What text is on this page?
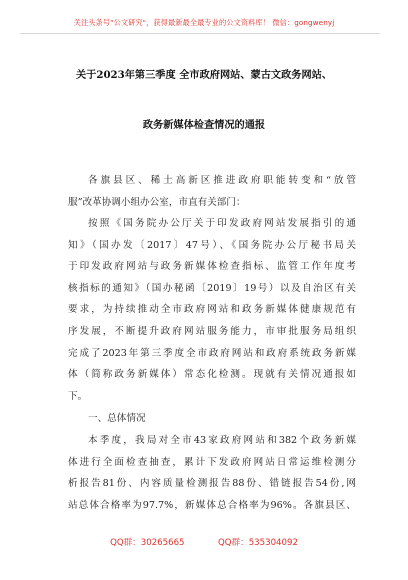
关注头条号"公文研究"，获得最新最全最专业的公文资料库！ 微信：gongwenyj
关于2023年第三季度 全市政府网站、蒙古文政务网站、
政务新媒体检查情况的通报
各旗县区、稀土高新区推进政府职能转变和“放管
服”改革协调小组办公室，市直有关部门：
按照《国务院办公厅关于印发政府网站发展指引的通
知》（国办发〔2017〕47号）、《国务院办公厅秘书局关
于印发政府网站与政务新媒体检查指标、监管工作年度考
核指标的通知》（国办秘函〔2019〕19号）以及自治区有关
要求，为持续推动全市政府网站和政务新媒体健康规范有
序发展，不断提升政府网站服务能力，市审批服务局组织
完成了2023年第三季度全市政府网站和政府系统政务新媒
体（简称政务新媒体）常态化检测。现就有关情况通报如
下。
一、总体情况
本季度，我局对全市43家政府网站和382个政务新媒
体进行全面检查抽查，累计下发政府网站日常运维检测分
析报告81份、内容质量检测报告88份、错链报告54份,网
站总体合格率为97.7%，新媒体总合格率为96%。各旗县区、
QQ群：30265665	QQ群：535304092
